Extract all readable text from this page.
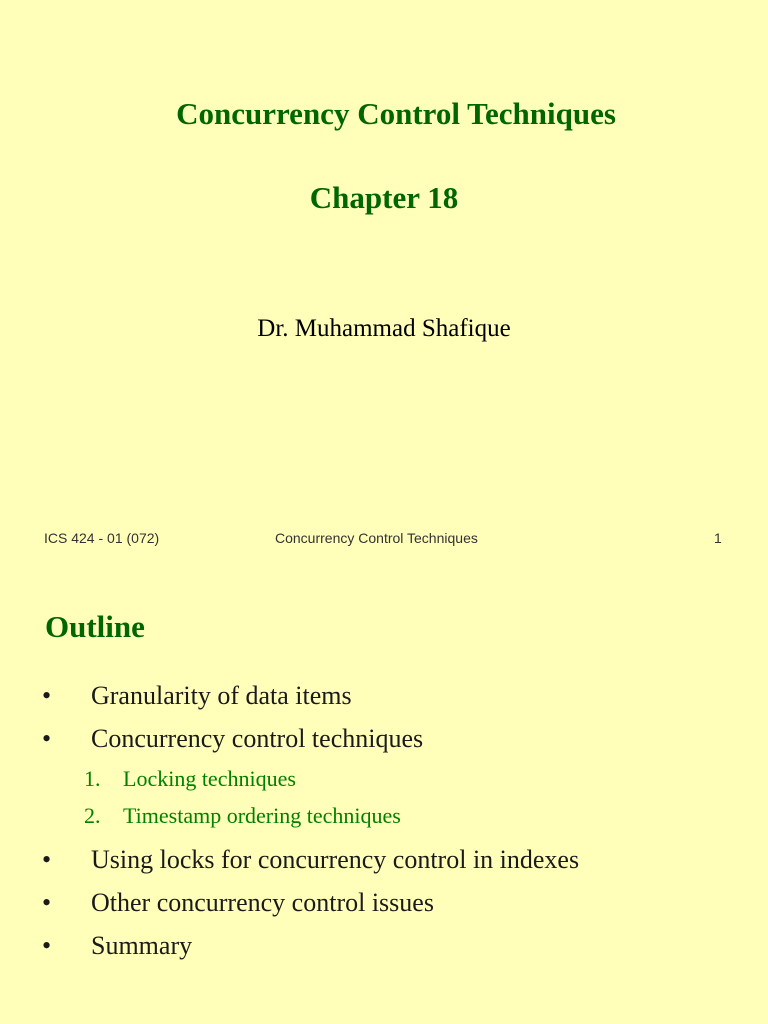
Concurrency Control Techniques
Chapter 18
Dr. Muhammad Shafique
ICS 424 - 01 (072)	Concurrency Control Techniques	1
Outline
• Granularity of data items
• Concurrency control techniques
1. Locking techniques
2. Timestamp ordering techniques
• Using locks for concurrency control in indexes
• Other concurrency control issues
• Summary
